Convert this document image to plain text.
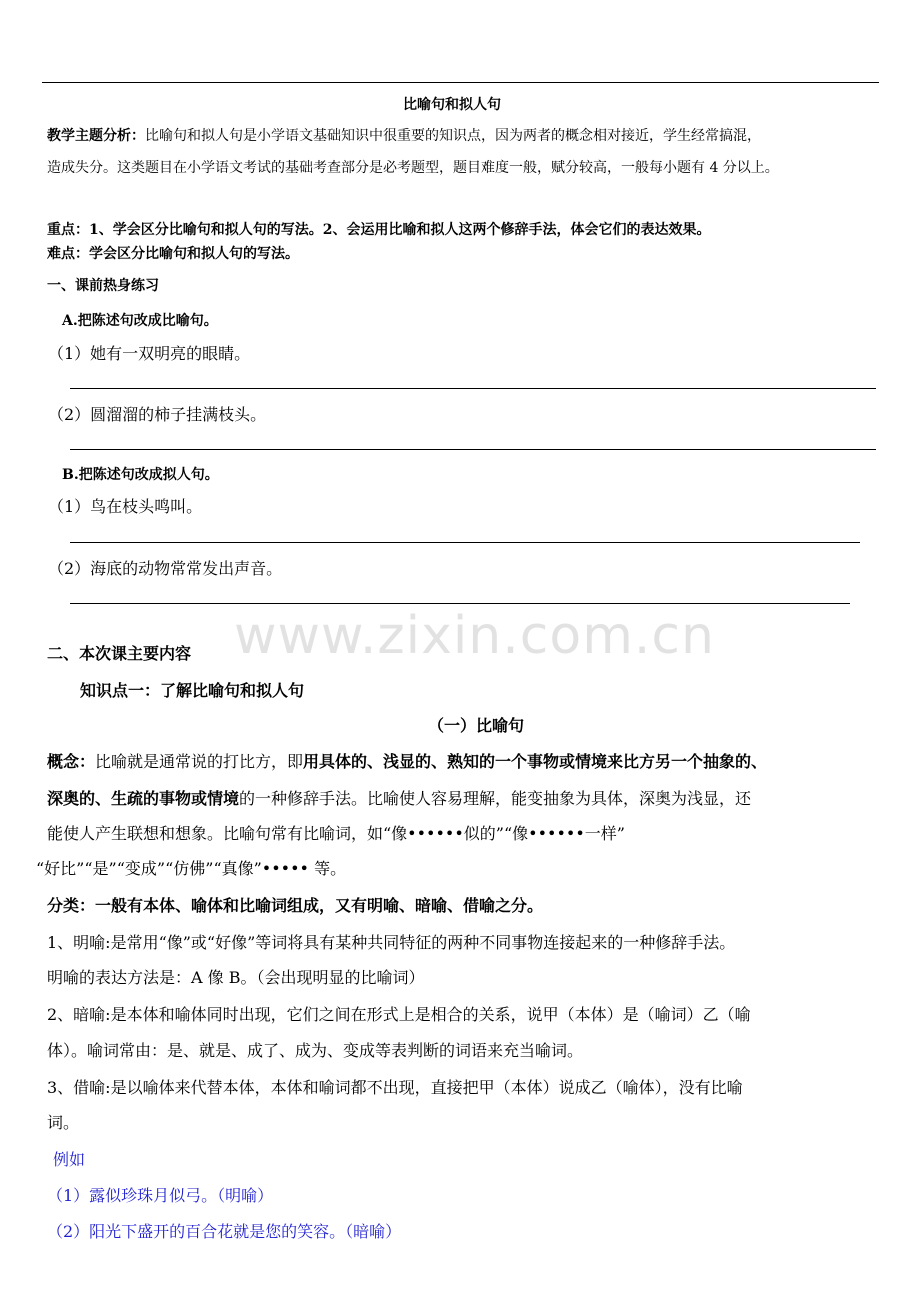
比喻句和拟人句
教学主题分析：比喻句和拟人句是小学语文基础知识中很重要的知识点，因为两者的概念相对接近，学生经常搞混，
造成失分。这类题目在小学语文考试的基础考查部分是必考题型，题目难度一般，赋分较高，一般每小题有 4 分以上。
重点：1、学会区分比喻句和拟人句的写法。2、会运用比喻和拟人这两个修辞手法，体会它们的表达效果。
难点：学会区分比喻句和拟人句的写法。
一、课前热身练习
A.把陈述句改成比喻句。
（1）她有一双明亮的眼睛。
（2）圆溜溜的柿子挂满枝头。
B.把陈述句改成拟人句。
（1）鸟在枝头鸣叫。
（2）海底的动物常常发出声音。
www.zixin.com.cn
二、本次课主要内容
知识点一：了解比喻句和拟人句
（一）比喻句
概念：比喻就是通常说的打比方，即用具体的、浅显的、熟知的一个事物或情境来比方另一个抽象的、
深奥的、生疏的事物或情境的一种修辞手法。比喻使人容易理解，能变抽象为具体，深奥为浅显，还
能使人产生联想和想象。比喻句常有比喻词，如“像••••••似的”“像••••••一样”
“好比”“是”“变成”“仿佛”“真像”••••• 等。
分类：一般有本体、喻体和比喻词组成，又有明喻、暗喻、借喻之分。
1、明喻:是常用“像”或“好像”等词将具有某种共同特征的两种不同事物连接起来的一种修辞手法。
明喻的表达方法是：A 像 B。（会出现明显的比喻词）
2、暗喻:是本体和喻体同时出现，它们之间在形式上是相合的关系，说甲（本体）是（喻词）乙（喻
体）。喻词常由：是、就是、成了、成为、变成等表判断的词语来充当喻词。
3、借喻:是以喻体来代替本体，本体和喻词都不出现，直接把甲（本体）说成乙（喻体），没有比喻
词。
例如
（1）露似珍珠月似弓。（明喻）
（2）阳光下盛开的百合花就是您的笑容。（暗喻）
